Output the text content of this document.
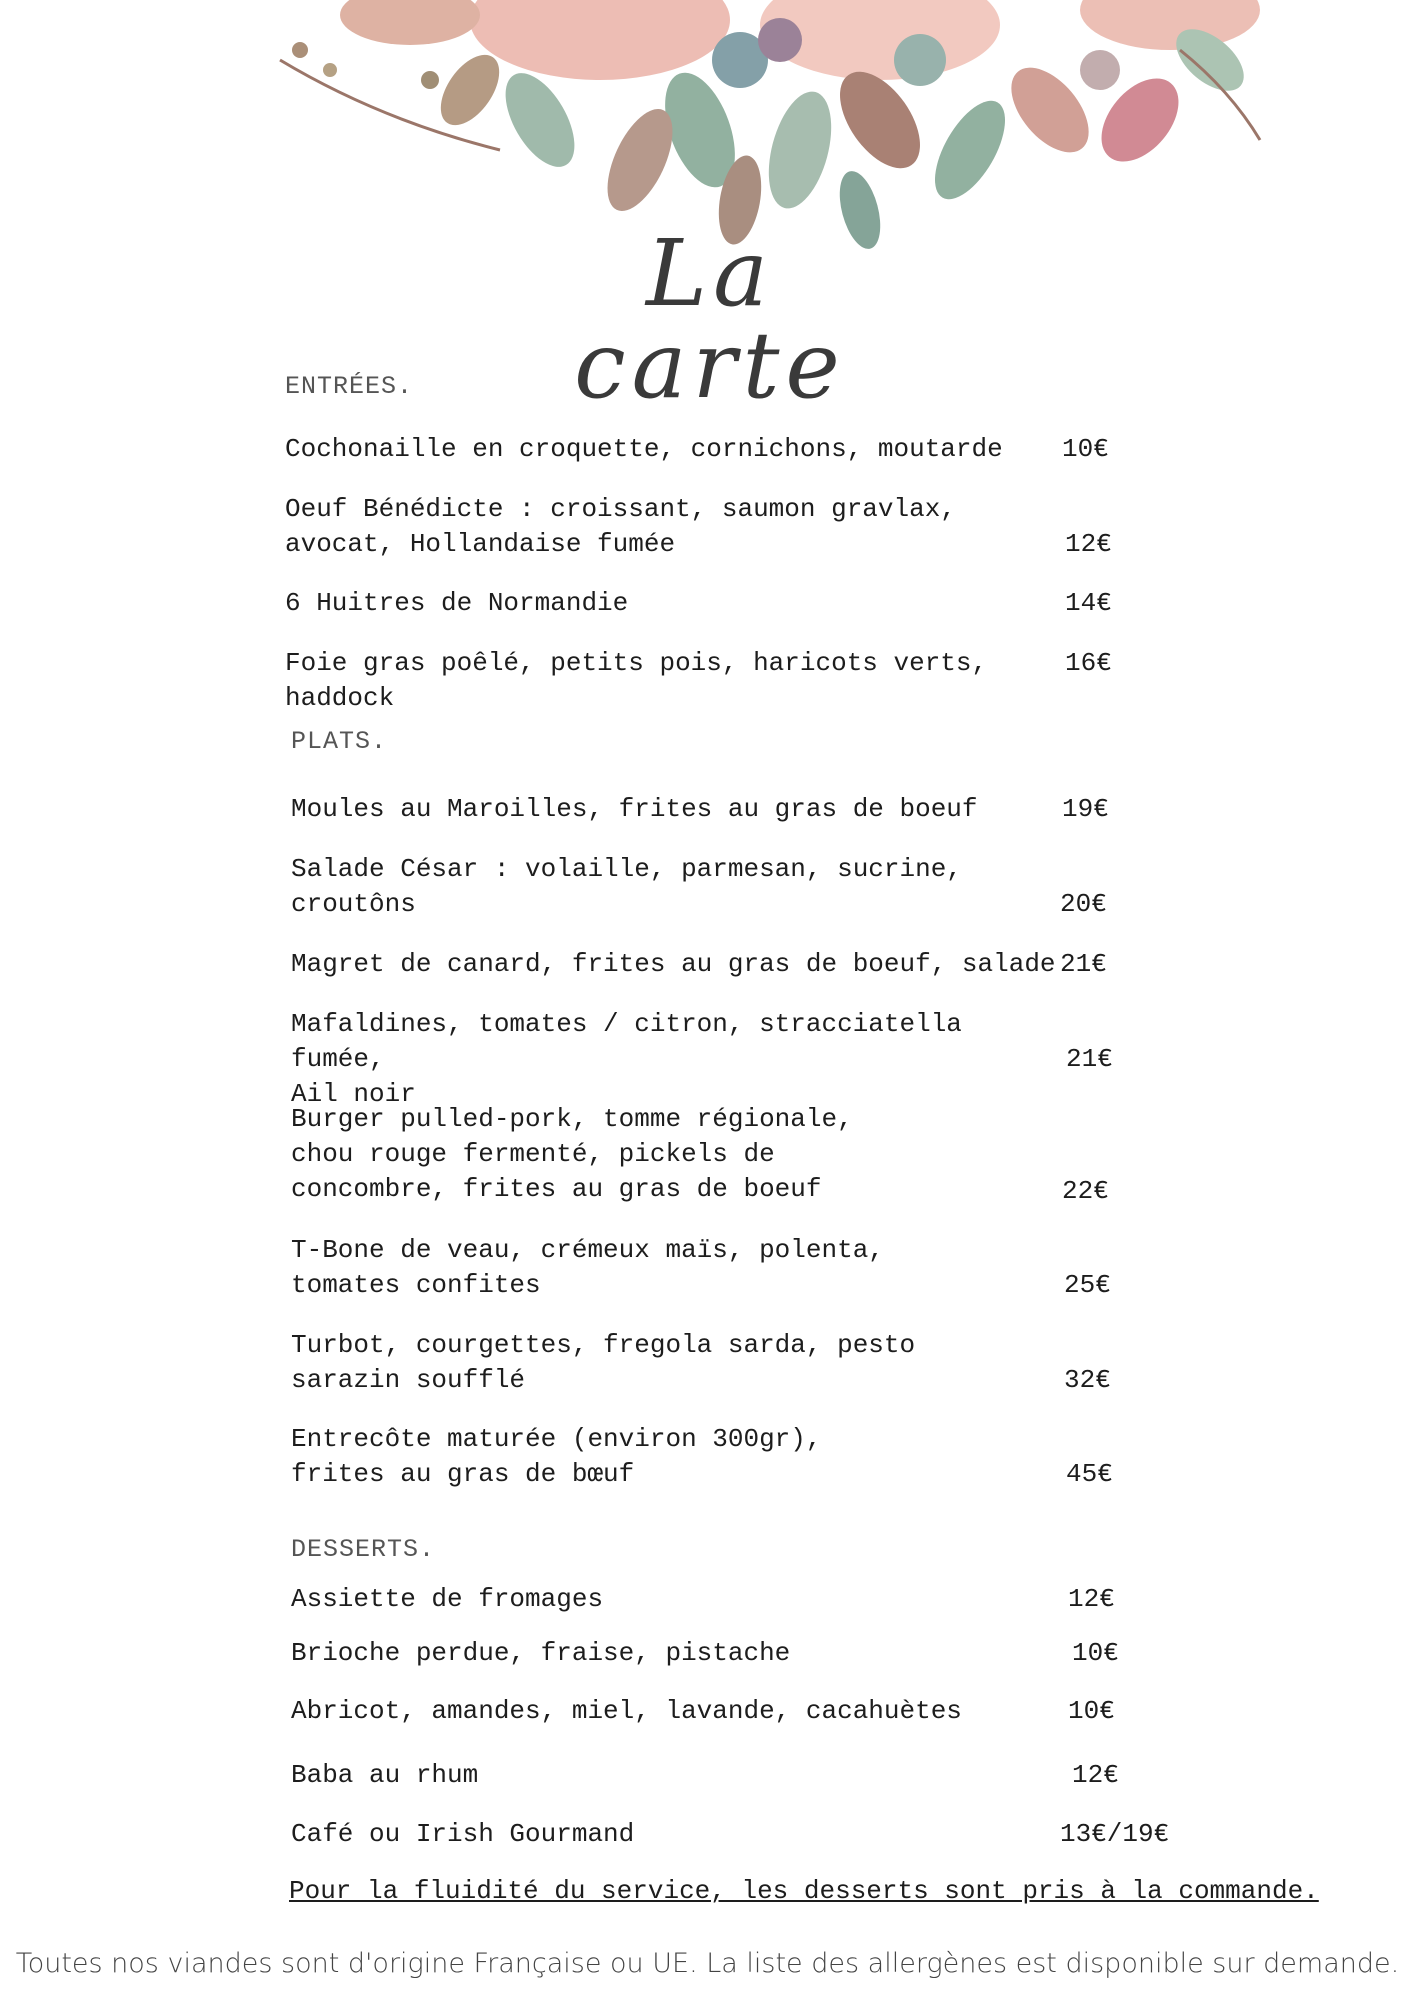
La carte
ENTRÉES.
Cochonaille en croquette, cornichons, moutarde	10€
Oeuf Bénédicte : croissant, saumon gravlax,
avocat, Hollandaise fumée	12€
6 Huitres de Normandie	14€
Foie gras poêlé, petits pois, haricots verts, haddock
16€
PLATS.
Moules au Maroilles, frites au gras de boeuf	19€
Salade César : volaille, parmesan, sucrine,
croutôns	20€
Magret de canard, frites au gras de boeuf, salade 21€
Mafaldines, tomates / citron, stracciatella fumée,
Ail noir
21€
Burger pulled-pork, tomme régionale,
chou rouge fermenté, pickels de
concombre, frites au gras de boeuf	22€
T-Bone de veau, crémeux maïs, polenta,
tomates confites	25€
Turbot, courgettes, fregola sarda, pesto
sarazin soufflé	32€
Entrecôte maturée (environ 300gr),
frites au gras de bœuf	45€
DESSERTS.
Assiette de fromages	12€
Brioche perdue, fraise, pistache	10€
Abricot, amandes, miel, lavande, cacahuètes	10€
Baba au rhum	12€
Café ou Irish Gourmand	13€/19€
Pour la fluidité du service, les desserts sont pris à la commande.
Toutes nos viandes sont d'origine Française ou UE. La liste des allergènes est disponible sur demande.
